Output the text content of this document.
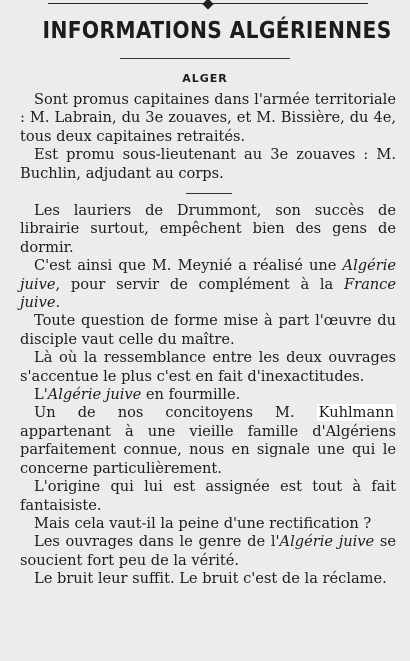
INFORMATIONS ALGÉRIENNES
ALGER

Sont promus capitaines dans l'armée territoriale : M. Labrain, du 3e zouaves, et M. Bissière, du 4e, tous deux capitaines retraités.

Est promu sous-lieutenant au 3e zouaves : M. Buchlin, adjudant au corps.

Les lauriers de Drummont, son succès de librairie surtout, empêchent bien des gens de dormir.

C'est ainsi que M. Meynié a réalisé une Algérie juive, pour servir de complément à la France juive.

Toute question de forme mise à part l'œuvre du disciple vaut celle du maître.

Là où la ressemblance entre les deux ouvrages s'accentue le plus c'est en fait d'inexactitudes.

L'Algérie juive en fourmille.

Un de nos concitoyens M. Kuhlmann appartenant à une vieille famille d'Algériens parfaitement connue, nous en signale une qui le concerne particulièrement.

L'origine qui lui est assignée est tout à fait fantaisiste.

Mais cela vaut-il la peine d'une rectification ?

Les ouvrages dans le genre de l'Algérie juive se soucient fort peu de la vérité.

Le bruit leur suffit. Le bruit c'est de la réclame.
